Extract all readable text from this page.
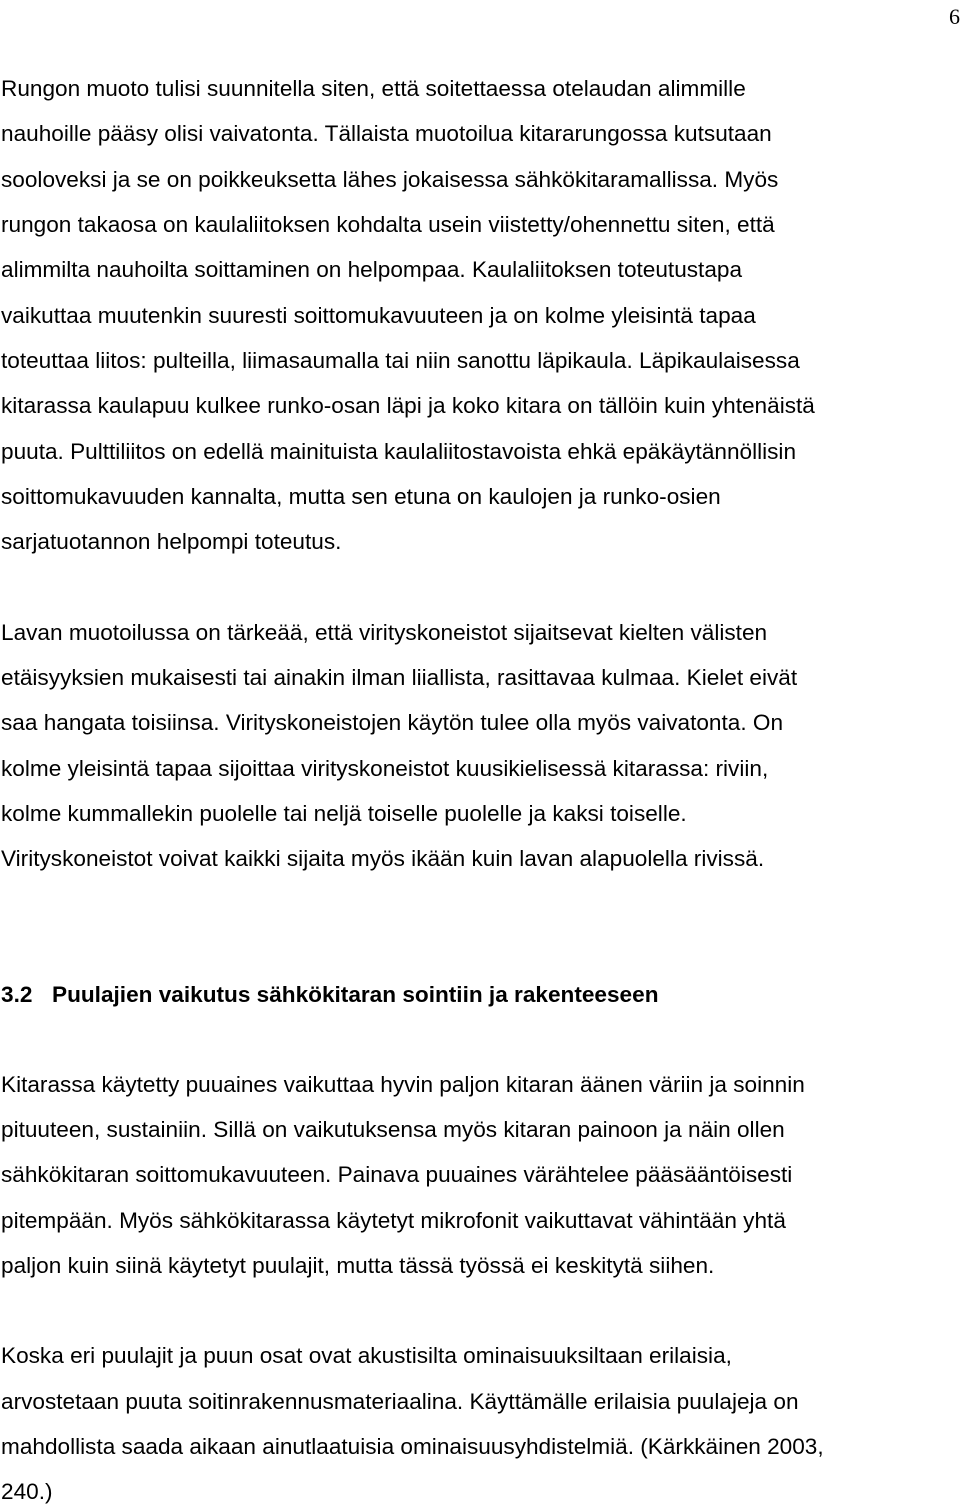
6
Rungon muoto tulisi suunnitella siten, että soitettaessa otelaudan alimmille
nauhoille pääsy olisi vaivatonta. Tällaista muotoilua kitararungossa kutsutaan
sooloveksi ja se on poikkeuksetta lähes jokaisessa sähkökitaramallissa. Myös
rungon takaosa on kaulaliitoksen kohdalta usein viistetty/ohennettu siten, että
alimmilta nauhoilta soittaminen on helpompaa. Kaulaliitoksen toteutustapa
vaikuttaa muutenkin suuresti soittomukavuuteen ja on kolme yleisintä tapaa
toteuttaa liitos: pulteilla, liimasaumalla tai niin sanottu läpikaula. Läpikaulaisessa
kitarassa kaulapuu kulkee runko-osan läpi ja koko kitara on tällöin kuin yhtenäistä
puuta. Pulttiliitos on edellä mainituista kaulaliitostavoista ehkä epäkäytännöllisin
soittomukavuuden kannalta, mutta sen etuna on kaulojen ja runko-osien
sarjatuotannon helpompi toteutus.
Lavan muotoilussa on tärkeää, että virityskoneistot sijaitsevat kielten välisten
etäisyyksien mukaisesti tai ainakin ilman liiallista, rasittavaa kulmaa. Kielet eivät
saa hangata toisiinsa. Virityskoneistojen käytön tulee olla myös vaivatonta. On
kolme yleisintä tapaa sijoittaa virityskoneistot kuusikielisessä kitarassa: riviin,
kolme kummallekin puolelle tai neljä toiselle puolelle ja kaksi toiselle.
Virityskoneistot voivat kaikki sijaita myös ikään kuin lavan alapuolella rivissä.
3.2 Puulajien vaikutus sähkökitaran sointiin ja rakenteeseen
Kitarassa käytetty puuaines vaikuttaa hyvin paljon kitaran äänen väriin ja soinnin
pituuteen, sustainiin. Sillä on vaikutuksensa myös kitaran painoon ja näin ollen
sähkökitaran soittomukavuuteen. Painava puuaines värähtelee pääsääntöisesti
pitempään. Myös sähkökitarassa käytetyt mikrofonit vaikuttavat vähintään yhtä
paljon kuin siinä käytetyt puulajit, mutta tässä työssä ei keskitytä siihen.
Koska eri puulajit ja puun osat ovat akustisilta ominaisuuksiltaan erilaisia,
arvostetaan puuta soitinrakennusmateriaalina. Käyttämälle erilaisia puulajeja on
mahdollista saada aikaan ainutlaatuisia ominaisuusyhdistelmiä. (Kärkkäinen 2003,
240.)
